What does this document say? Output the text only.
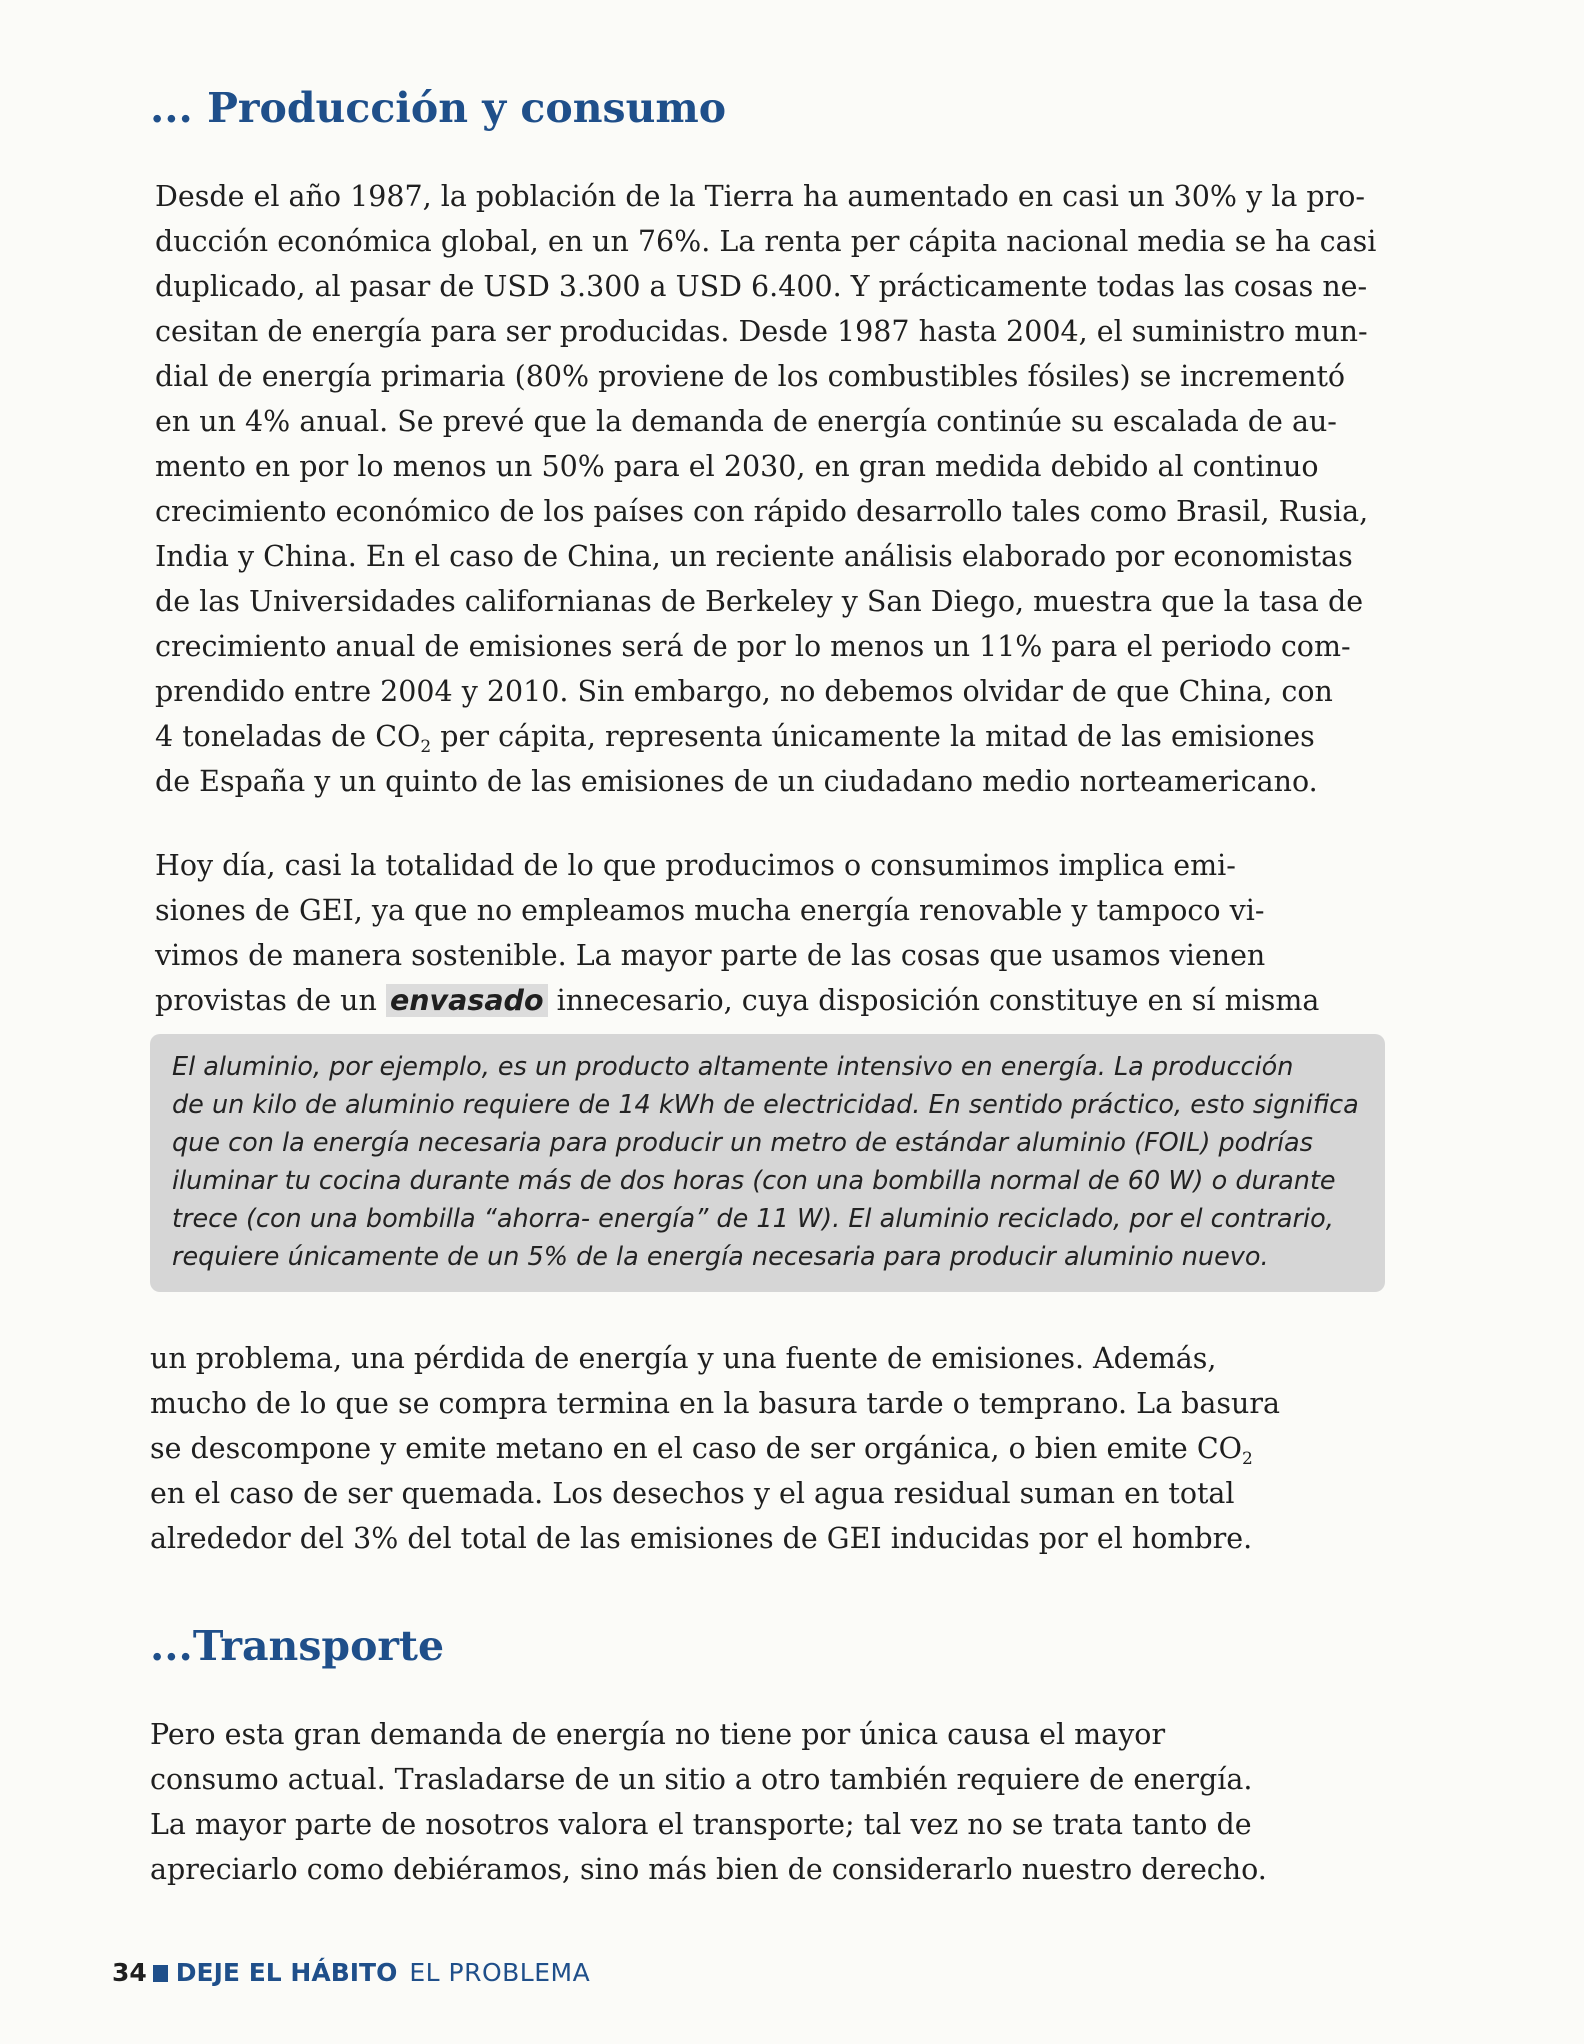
... Producción y consumo
Desde el año 1987, la población de la Tierra ha aumentado en casi un 30% y la pro-
ducción económica global, en un 76%. La renta per cápita nacional media se ha casi
duplicado, al pasar de USD 3.300 a USD 6.400. Y prácticamente todas las cosas ne-
cesitan de energía para ser producidas. Desde 1987 hasta 2004, el suministro mun-
dial de energía primaria (80% proviene de los combustibles fósiles) se incrementó
en un 4% anual. Se prevé que la demanda de energía continúe su escalada de au-
mento en por lo menos un 50% para el 2030, en gran medida debido al continuo
crecimiento económico de los países con rápido desarrollo tales como Brasil, Rusia,
India y China. En el caso de China, un reciente análisis elaborado por economistas
de las Universidades californianas de Berkeley y San Diego, muestra que la tasa de
crecimiento anual de emisiones será de por lo menos un 11% para el periodo com-
prendido entre 2004 y 2010. Sin embargo, no debemos olvidar de que China, con
4 toneladas de $CO_2$ per cápita, representa únicamente la mitad de las emisiones
de España y un quinto de las emisiones de un ciudadano medio norteamericano.
Hoy día, casi la totalidad de lo que producimos o consumimos implica emi-
siones de GEI, ya que no empleamos mucha energía renovable y tampoco vi-
vimos de manera sostenible. La mayor parte de las cosas que usamos vienen
provistas de un envasado innecesario, cuya disposición constituye en sí misma
El aluminio, por ejemplo, es un producto altamente intensivo en energía. La producción
de un kilo de aluminio requiere de 14 kWh de electricidad. En sentido práctico, esto significa
que con la energía necesaria para producir un metro de estándar aluminio (FOIL) podrías
iluminar tu cocina durante más de dos horas (con una bombilla normal de 60 W) o durante
trece (con una bombilla “ahorra- energía” de 11 W). El aluminio reciclado, por el contrario,
requiere únicamente de un 5% de la energía necesaria para producir aluminio nuevo.
un problema, una pérdida de energía y una fuente de emisiones. Además,
mucho de lo que se compra termina en la basura tarde o temprano. La basura
se descompone y emite metano en el caso de ser orgánica, o bien emite $CO_2$
en el caso de ser quemada. Los desechos y el agua residual suman en total
alrededor del 3% del total de las emisiones de GEI inducidas por el hombre.
...Transporte
Pero esta gran demanda de energía no tiene por única causa el mayor
consumo actual. Trasladarse de un sitio a otro también requiere de energía.
La mayor parte de nosotros valora el transporte; tal vez no se trata tanto de
apreciarlo como debiéramos, sino más bien de considerarlo nuestro derecho.
34 DEJE EL HÁBITO EL PROBLEMA
